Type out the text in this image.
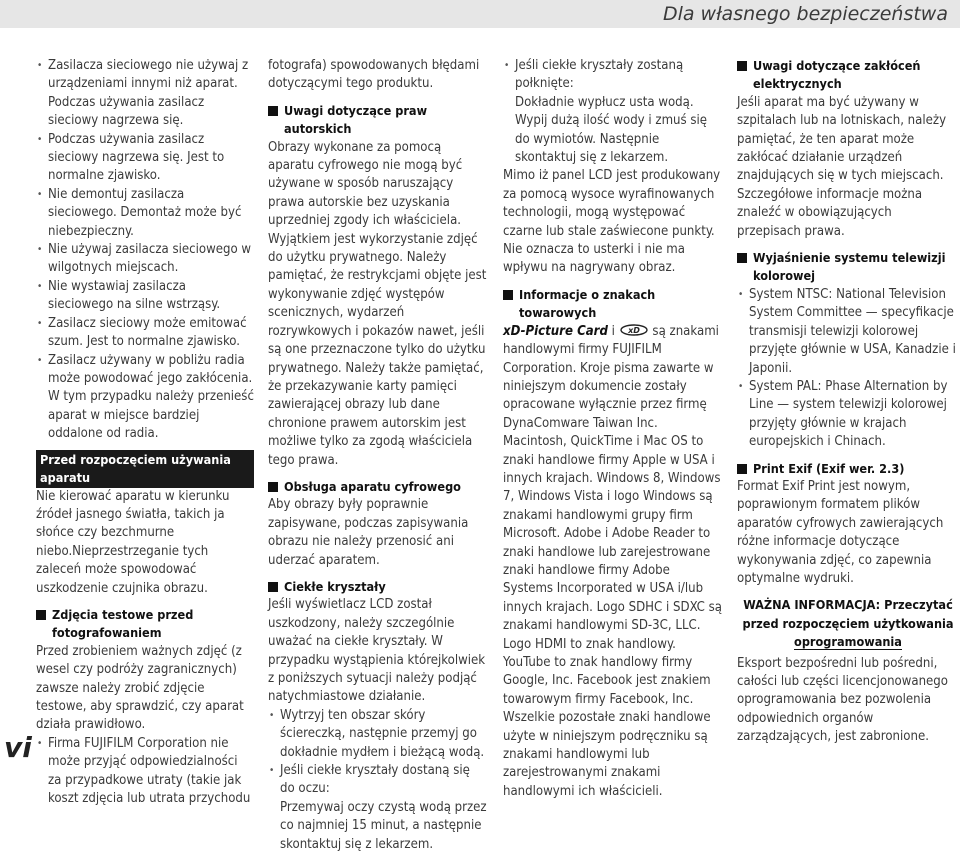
Dla własnego bezpieczeństwa
vi

• Zasilacza sieciowego nie używaj z urządzeniami innymi niż aparat. Podczas używania zasilacz sieciowy nagrzewa się.

• Podczas używania zasilacz sieciowy nagrzewa się. Jest to normalne zjawisko.

• Nie demontuj zasilacza sieciowego. Demontaż może być niebezpieczny.

• Nie używaj zasilacza sieciowego w wilgotnych miejscach.

• Nie wystawiaj zasilacza sieciowego na silne wstrząsy.

• Zasilacz sieciowy może emitować szum. Jest to normalne zjawisko.

• Zasilacz używany w pobliżu radia może powodować jego zakłócenia. W tym przypadku należy przenieść aparat w miejsce bardziej oddalone od radia.

Przed rozpoczęciem używania aparatu

Nie kierować aparatu w kierunku źródeł jasnego światła, takich ja słońce czy bezchmurne niebo.Nieprzestrzeganie tych zaleceń może spowodować uszkodzenie czujnika obrazu.

Zdjęcia testowe przed fotografowaniem

Przed zrobieniem ważnych zdjęć (z wesel czy podróży zagranicznych) zawsze należy zrobić zdjęcie testowe, aby sprawdzić, czy aparat działa prawidłowo.

• Firma FUJIFILM Corporation nie może przyjąć odpowiedzialności za przypadkowe utraty (takie jak koszt zdjęcia lub utrata przychodu

fotografa) spowodowanych błędami dotyczącymi tego produktu.

Uwagi dotyczące praw autorskich

Obrazy wykonane za pomocą aparatu cyfrowego nie mogą być używane w sposób naruszający prawa autorskie bez uzyskania uprzedniej zgody ich właściciela. Wyjątkiem jest wykorzystanie zdjęć do użytku prywatnego. Należy pamiętać, że restrykcjami objęte jest wykonywanie zdjęć występów scenicznych, wydarzeń rozrywkowych i pokazów nawet, jeśli są one przeznaczone tylko do użytku prywatnego. Należy także pamiętać, że przekazywanie karty pamięci zawierającej obrazy lub dane chronione prawem autorskim jest możliwe tylko za zgodą właściciela tego prawa.

Obsługa aparatu cyfrowego

Aby obrazy były poprawnie zapisywane, podczas zapisywania obrazu nie należy przenosić ani uderzać aparatem.

Ciekłe kryształy

Jeśli wyświetlacz LCD został uszkodzony, należy szczególnie uważać na ciekłe kryształy. W przypadku wystąpienia którejkolwiek z poniższych sytuacji należy podjąć natychmiastowe działanie.

• Wytrzyj ten obszar skóry ściereczką, następnie przemyj go dokładnie mydłem i bieżącą wodą.

• Jeśli ciekłe kryształy dostaną się do oczu:

Przemywaj oczy czystą wodą przez co najmniej 15 minut, a następnie skontaktuj się z lekarzem.

• Jeśli ciekłe kryształy zostaną połknięte:

Dokładnie wypłucz usta wodą. Wypij dużą ilość wody i zmuś się do wymiotów. Następnie skontaktuj się z lekarzem.

Mimo iż panel LCD jest produkowany za pomocą wysoce wyrafinowanych technologii, mogą występować czarne lub stale zaświecone punkty. Nie oznacza to usterki i nie ma wpływu na nagrywany obraz.

Informacje o znakach towarowych

xD-Picture Card i xD są znakami handlowymi firmy FUJIFILM Corporation. Kroje pisma zawarte w niniejszym dokumencie zostały opracowane wyłącznie przez firmę DynaComware Taiwan Inc. Macintosh, QuickTime i Mac OS to znaki handlowe firmy Apple w USA i innych krajach. Windows 8, Windows 7, Windows Vista i logo Windows są znakami handlowymi grupy firm Microsoft. Adobe i Adobe Reader to znaki handlowe lub zarejestrowane znaki handlowe firmy Adobe Systems Incorporated w USA i/lub innych krajach. Logo SDHC i SDXC są znakami handlowymi SD-3C, LLC. Logo HDMI to znak handlowy. YouTube to znak handlowy firmy Google, Inc. Facebook jest znakiem towarowym firmy Facebook, Inc. Wszelkie pozostałe znaki handlowe użyte w niniejszym podręczniku są znakami handlowymi lub zarejestrowanymi znakami handlowymi ich właścicieli.

Uwagi dotyczące zakłóceń elektrycznych

Jeśli aparat ma być używany w szpitalach lub na lotniskach, należy pamiętać, że ten aparat może zakłócać działanie urządzeń znajdujących się w tych miejscach. Szczegółowe informacje można znaleźć w obowiązujących przepisach prawa.

Wyjaśnienie systemu telewizji kolorowej

• System NTSC: National Television System Committee — specyfikacje transmisji telewizji kolorowej przyjęte głównie w USA, Kanadzie i Japonii.

• System PAL: Phase Alternation by Line — system telewizji kolorowej przyjęty głównie w krajach europejskich i Chinach.

Print Exif (Exif wer. 2.3)

Format Exif Print jest nowym, poprawionym formatem plików aparatów cyfrowych zawierających różne informacje dotyczące wykonywania zdjęć, co zapewnia optymalne wydruki.

WAŻNA INFORMACJA: Przeczytać
przed rozpoczęciem użytkowania
oprogramowania

Eksport bezpośredni lub pośredni, całości lub części licencjonowanego oprogramowania bez pozwolenia odpowiednich organów zarządzających, jest zabronione.
